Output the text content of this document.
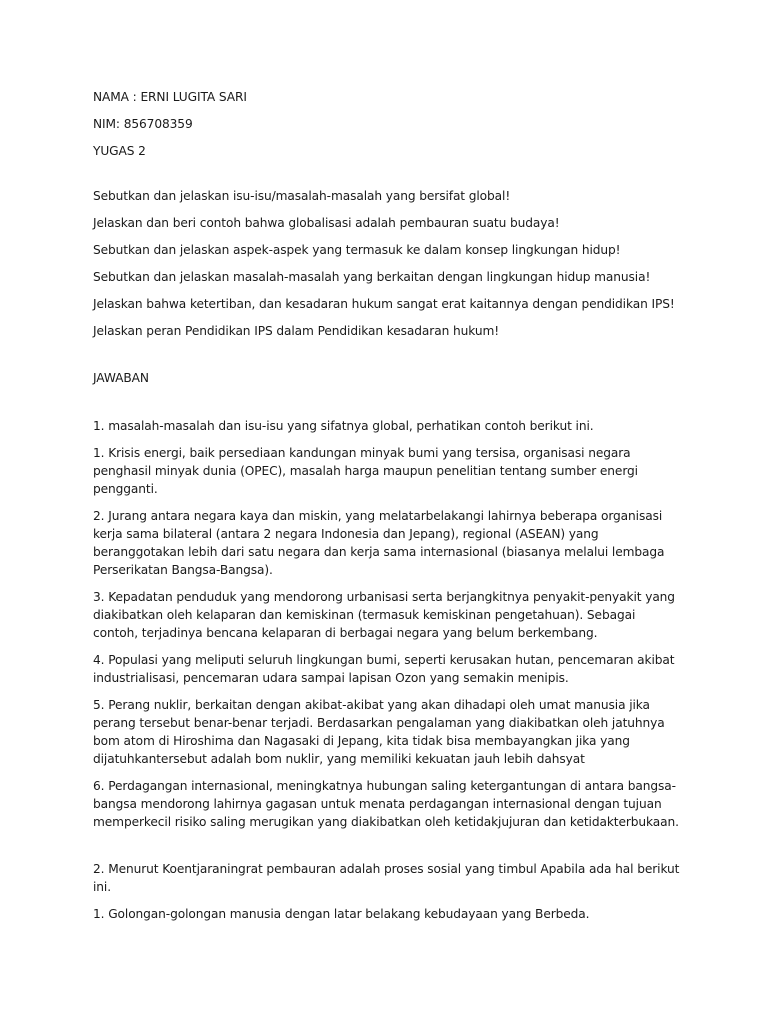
NAMA : ERNI LUGITA SARI
NIM: 856708359
YUGAS 2
Sebutkan dan jelaskan isu-isu/masalah-masalah yang bersifat global!
Jelaskan dan beri contoh bahwa globalisasi adalah pembauran suatu budaya!
Sebutkan dan jelaskan aspek-aspek yang termasuk ke dalam konsep lingkungan hidup!
Sebutkan dan jelaskan masalah-masalah yang berkaitan dengan lingkungan hidup manusia!
Jelaskan bahwa ketertiban, dan kesadaran hukum sangat erat kaitannya dengan pendidikan IPS!
Jelaskan peran Pendidikan IPS dalam Pendidikan kesadaran hukum!
JAWABAN
1. masalah-masalah dan isu-isu yang sifatnya global, perhatikan contoh berikut ini.
1. Krisis energi, baik persediaan kandungan minyak bumi yang tersisa, organisasi negara penghasil minyak dunia (OPEC), masalah harga maupun penelitian tentang sumber energi pengganti.
2. Jurang antara negara kaya dan miskin, yang melatarbelakangi lahirnya beberapa organisasi kerja sama bilateral (antara 2 negara Indonesia dan Jepang), regional (ASEAN) yang beranggotakan lebih dari satu negara dan kerja sama internasional (biasanya melalui lembaga Perserikatan Bangsa-Bangsa).
3. Kepadatan penduduk yang mendorong urbanisasi serta berjangkitnya penyakit-penyakit yang diakibatkan oleh kelaparan dan kemiskinan (termasuk kemiskinan pengetahuan). Sebagai contoh, terjadinya bencana kelaparan di berbagai negara yang belum berkembang.
4. Populasi yang meliputi seluruh lingkungan bumi, seperti kerusakan hutan, pencemaran akibat industrialisasi, pencemaran udara sampai lapisan Ozon yang semakin menipis.
5. Perang nuklir, berkaitan dengan akibat-akibat yang akan dihadapi oleh umat manusia jika perang tersebut benar-benar terjadi. Berdasarkan pengalaman yang diakibatkan oleh jatuhnya bom atom di Hiroshima dan Nagasaki di Jepang, kita tidak bisa membayangkan jika yang dijatuhkantersebut adalah bom nuklir, yang memiliki kekuatan jauh lebih dahsyat
6. Perdagangan internasional, meningkatnya hubungan saling ketergantungan di antara bangsa-bangsa mendorong lahirnya gagasan untuk menata perdagangan internasional dengan tujuan memperkecil risiko saling merugikan yang diakibatkan oleh ketidakjujuran dan ketidakterbukaan.
2. Menurut Koentjaraningrat pembauran adalah proses sosial yang timbul Apabila ada hal berikut ini.
1. Golongan-golongan manusia dengan latar belakang kebudayaan yang Berbeda.
